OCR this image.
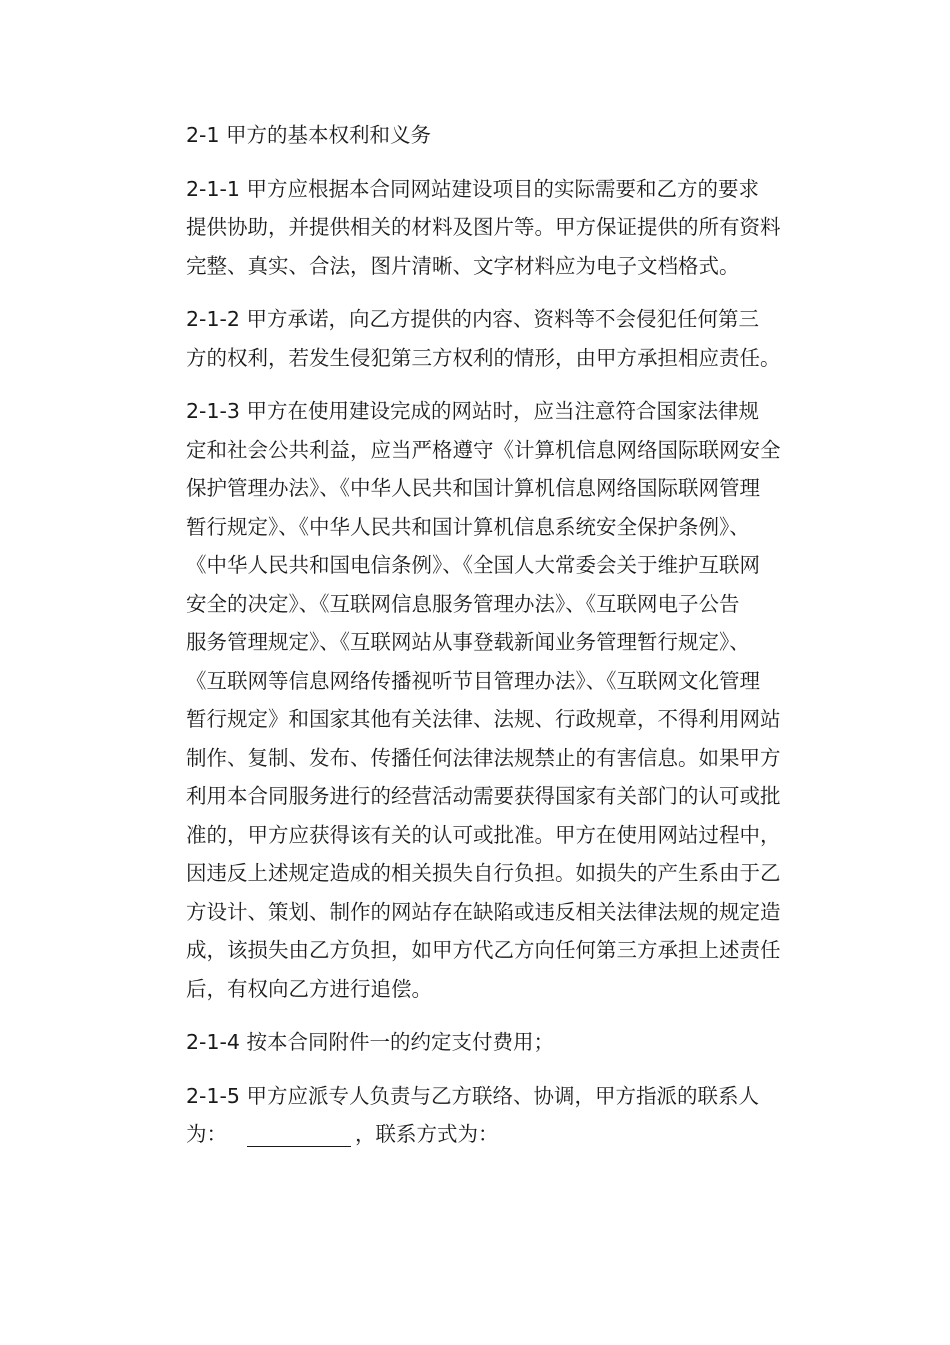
2-1 甲方的基本权利和义务

2-1-1 甲方应根据本合同网站建设项目的实际需要和乙方的要求
提供协助，并提供相关的材料及图片等。甲方保证提供的所有资料
完整、真实、合法，图片清晰、文字材料应为电子文档格式。

2-1-2 甲方承诺，向乙方提供的内容、资料等不会侵犯任何第三
方的权利，若发生侵犯第三方权利的情形，由甲方承担相应责任。

2-1-3 甲方在使用建设完成的网站时，应当注意符合国家法律规
定和社会公共利益，应当严格遵守《计算机信息网络国际联网安全
保护管理办法》、《中华人民共和国计算机信息网络国际联网管理
暂行规定》、《中华人民共和国计算机信息系统安全保护条例》、
《中华人民共和国电信条例》、《全国人大常委会关于维护互联网
安全的决定》、《互联网信息服务管理办法》、《互联网电子公告
服务管理规定》、《互联网站从事登载新闻业务管理暂行规定》、
《互联网等信息网络传播视听节目管理办法》、《互联网文化管理
暂行规定》和国家其他有关法律、法规、行政规章，不得利用网站
制作、复制、发布、传播任何法律法规禁止的有害信息。如果甲方
利用本合同服务进行的经营活动需要获得国家有关部门的认可或批
准的，甲方应获得该有关的认可或批准。甲方在使用网站过程中，
因违反上述规定造成的相关损失自行负担。如损失的产生系由于乙
方设计、策划、制作的网站存在缺陷或违反相关法律法规的规定造
成，该损失由乙方负担，如甲方代乙方向任何第三方承担上述责任
后，有权向乙方进行追偿。

2-1-4 按本合同附件一的约定支付费用；

2-1-5 甲方应派专人负责与乙方联络、协调，甲方指派的联系人
为：	，联系方式为：
